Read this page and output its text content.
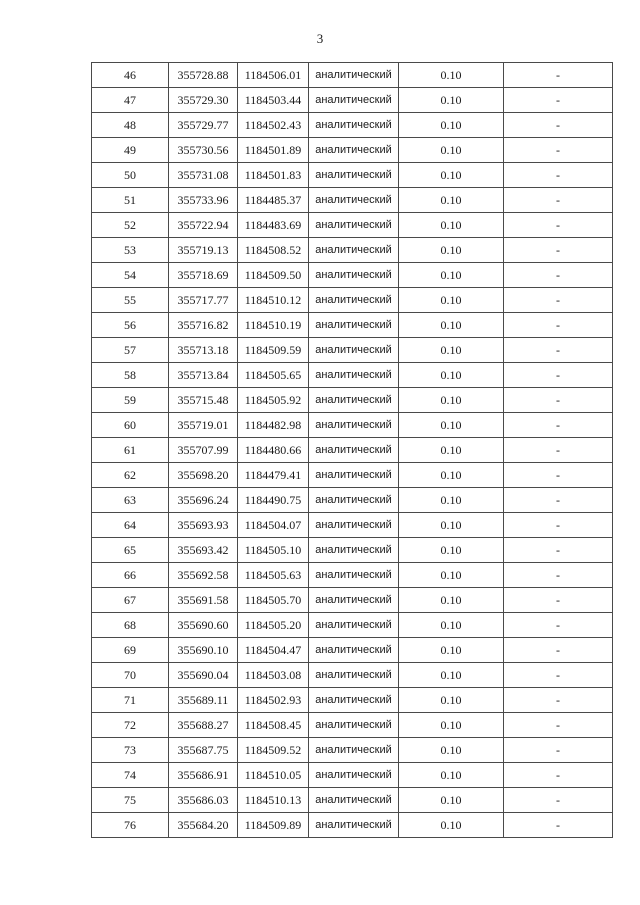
3
46	355728.88	1184506.01	аналитический	0.10	-
47	355729.30	1184503.44	аналитический	0.10	-
48	355729.77	1184502.43	аналитический	0.10	-
49	355730.56	1184501.89	аналитический	0.10	-
50	355731.08	1184501.83	аналитический	0.10	-
51	355733.96	1184485.37	аналитический	0.10	-
52	355722.94	1184483.69	аналитический	0.10	-
53	355719.13	1184508.52	аналитический	0.10	-
54	355718.69	1184509.50	аналитический	0.10	-
55	355717.77	1184510.12	аналитический	0.10	-
56	355716.82	1184510.19	аналитический	0.10	-
57	355713.18	1184509.59	аналитический	0.10	-
58	355713.84	1184505.65	аналитический	0.10	-
59	355715.48	1184505.92	аналитический	0.10	-
60	355719.01	1184482.98	аналитический	0.10	-
61	355707.99	1184480.66	аналитический	0.10	-
62	355698.20	1184479.41	аналитический	0.10	-
63	355696.24	1184490.75	аналитический	0.10	-
64	355693.93	1184504.07	аналитический	0.10	-
65	355693.42	1184505.10	аналитический	0.10	-
66	355692.58	1184505.63	аналитический	0.10	-
67	355691.58	1184505.70	аналитический	0.10	-
68	355690.60	1184505.20	аналитический	0.10	-
69	355690.10	1184504.47	аналитический	0.10	-
70	355690.04	1184503.08	аналитический	0.10	-
71	355689.11	1184502.93	аналитический	0.10	-
72	355688.27	1184508.45	аналитический	0.10	-
73	355687.75	1184509.52	аналитический	0.10	-
74	355686.91	1184510.05	аналитический	0.10	-
75	355686.03	1184510.13	аналитический	0.10	-
76	355684.20	1184509.89	аналитический	0.10	-
